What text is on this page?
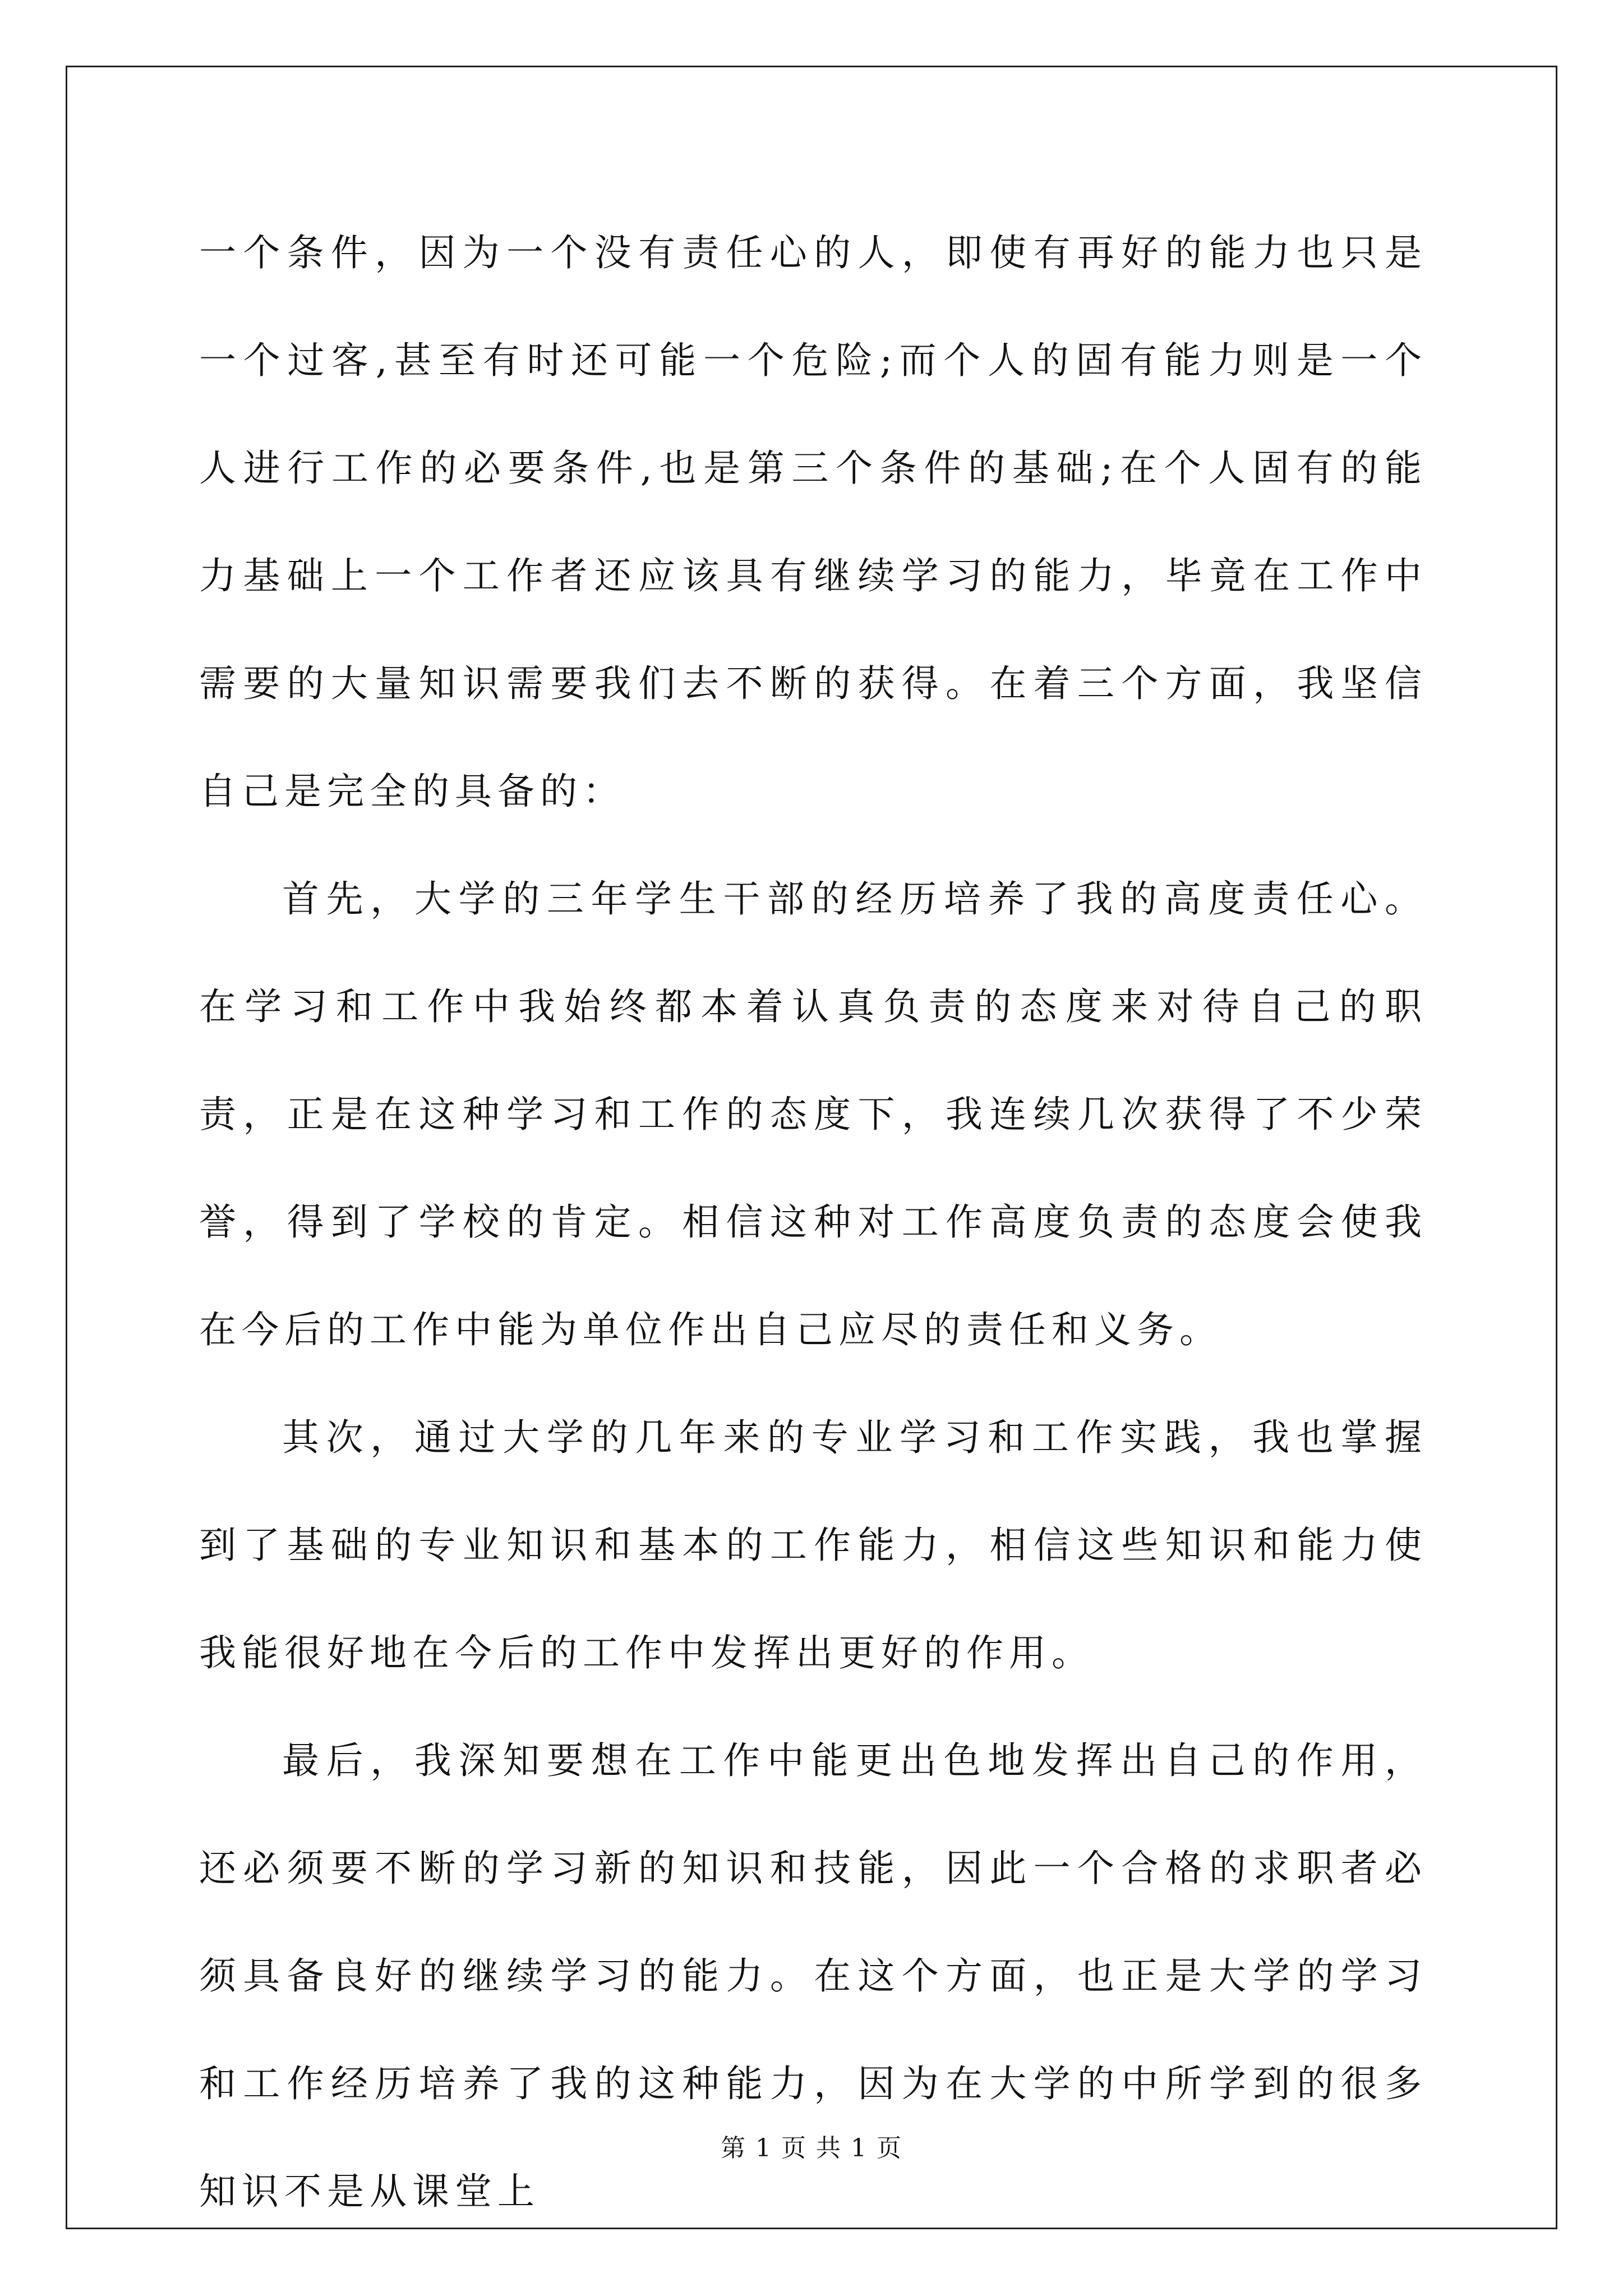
一个条件，因为一个没有责任心的人，即使有再好的能力也只是一个过客,甚至有时还可能一个危险;而个人的固有能力则是一个人进行工作的必要条件,也是第三个条件的基础;在个人固有的能力基础上一个工作者还应该具有继续学习的能力，毕竟在工作中需要的大量知识需要我们去不断的获得。在着三个方面，我坚信自己是完全的具备的：

首先，大学的三年学生干部的经历培养了我的高度责任心。在学习和工作中我始终都本着认真负责的态度来对待自己的职责，正是在这种学习和工作的态度下，我连续几次获得了不少荣誉，得到了学校的肯定。相信这种对工作高度负责的态度会使我在今后的工作中能为单位作出自己应尽的责任和义务。

其次，通过大学的几年来的专业学习和工作实践，我也掌握到了基础的专业知识和基本的工作能力，相信这些知识和能力使我能很好地在今后的工作中发挥出更好的作用。

最后，我深知要想在工作中能更出色地发挥出自己的作用，还必须要不断的学习新的知识和技能，因此一个合格的求职者必须具备良好的继续学习的能力。在这个方面，也正是大学的学习和工作经历培养了我的这种能力，因为在大学的中所学到的很多知识不是从课堂上

第 1 页 共 1 页
